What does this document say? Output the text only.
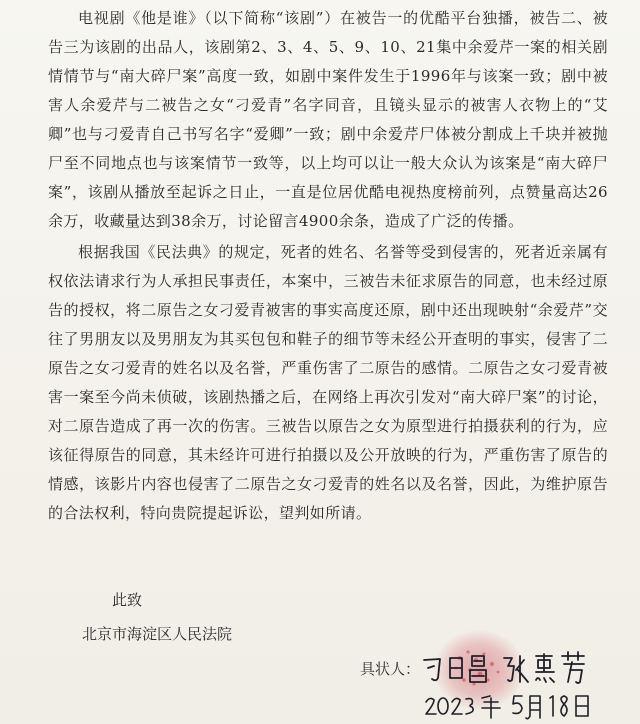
电视剧《他是谁》（以下简称“该剧”）在被告一的优酷平台独播，被告二、被告三为该剧的出品人，该剧第2、3、4、5、9、10、21集中余爱芹一案的相关剧情情节与“南大碎尸案”高度一致，如剧中案件发生于1996年与该案一致；剧中被害人余爱芹与二被告之女“刁爱青”名字同音，且镜头显示的被害人衣物上的“艾卿”也与刁爱青自己书写名字“爱卿”一致；剧中余爱芹尸体被分割成上千块并被抛尸至不同地点也与该案情节一致等，以上均可以让一般大众认为该案是“南大碎尸案”，该剧从播放至起诉之日止，一直是位居优酷电视热度榜前列，点赞量高达26余万，收藏量达到38余万，讨论留言4900余条，造成了广泛的传播。

根据我国《民法典》的规定，死者的姓名、名誉等受到侵害的，死者近亲属有权依法请求行为人承担民事责任，本案中，三被告未征求原告的同意，也未经过原告的授权，将二原告之女刁爱青被害的事实高度还原，剧中还出现映射“余爱芹”交往了男朋友以及男朋友为其买包包和鞋子的细节等未经公开查明的事实，侵害了二原告之女刁爱青的姓名以及名誉，严重伤害了二原告的感情。二原告之女刁爱青被害一案至今尚未侦破，该剧热播之后，在网络上再次引发对“南大碎尸案”的讨论，对二原告造成了再一次的伤害。三被告以原告之女为原型进行拍摄获利的行为，应该征得原告的同意，其未经许可进行拍摄以及公开放映的行为，严重伤害了原告的情感，该影片内容也侵害了二原告之女刁爱青的姓名以及名誉，因此，为维护原告的合法权利，特向贵院提起诉讼，望判如所请。

此致
北京市海淀区人民法院
具状人：
